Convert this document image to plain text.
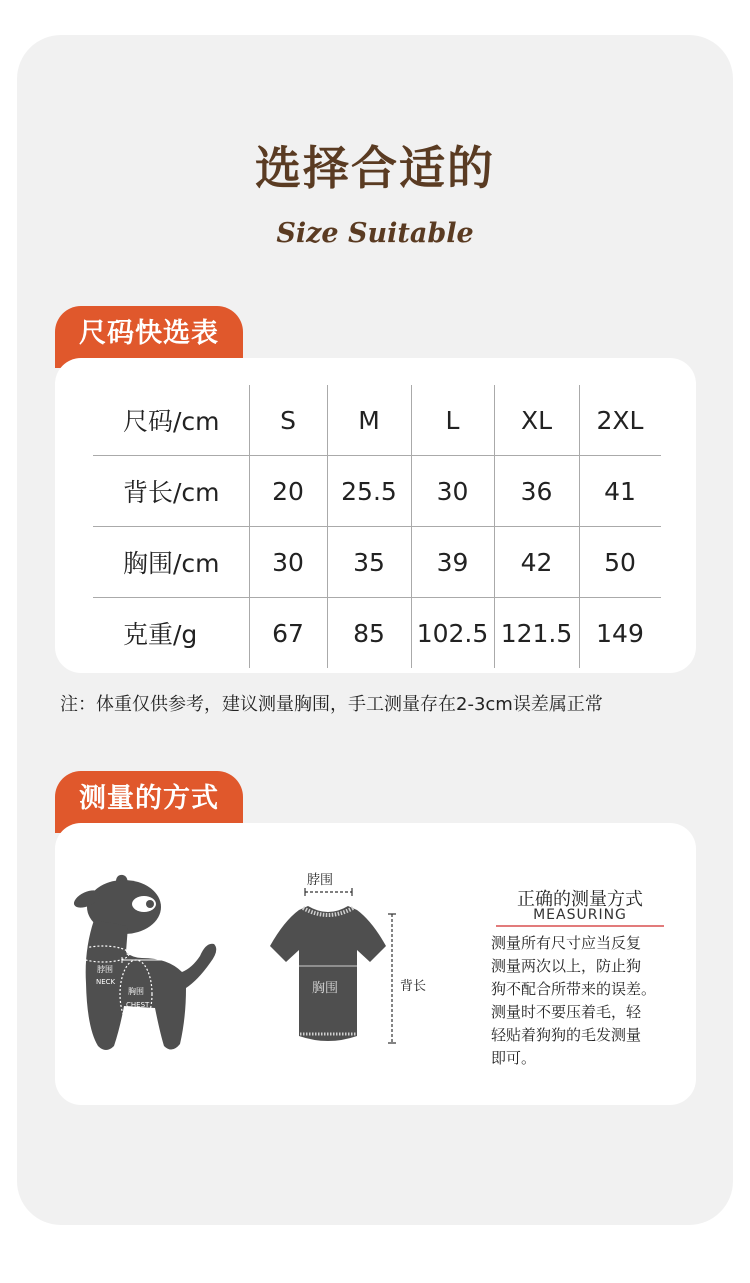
选择合适的
Size Suitable
尺码快选表
尺码/cm	S	M	L	XL	2XL
背长/cm	20	25.5	30	36	41
胸围/cm	30	35	39	42	50
克重/g	67	85	102.5	121.5	149
注：体重仅供参考，建议测量胸围，手工测量存在2-3cm误差属正常
测量的方式
LENGTH背长
脖围
NECK
胸围
CHEST
脖围
胸围	背长
正确的测量方式
MEASURING
测量所有尺寸应当反复
测量两次以上，防止狗
狗不配合所带来的误差。
测量时不要压着毛，轻
轻贴着狗狗的毛发测量
即可。
